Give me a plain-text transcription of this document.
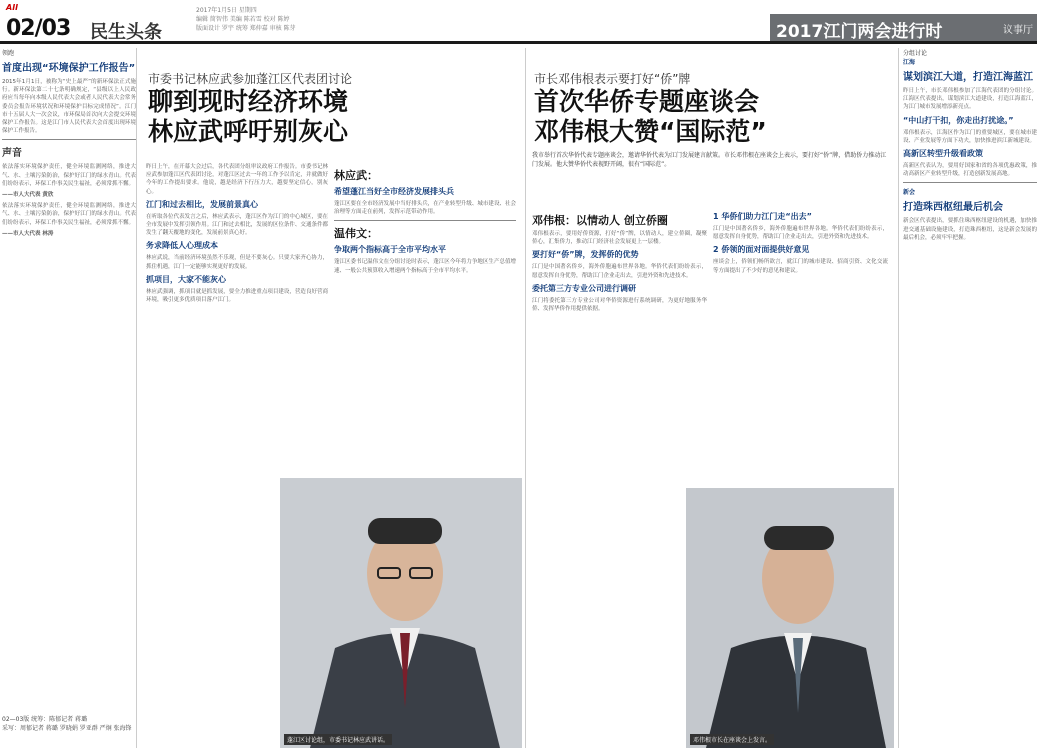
AII
02/03 民生头条
2017年1月5日 星期四
编辑 简智伟 美编 陈若雪 校对 陈婷
版面设计 罗宇 统筹 郑仲嘉 审核 陈芽	2017江门两会进行时	议事厅
领跑
首度出现“环境保护工作报告”
2015年1月1日，被称为“史上最严”的新环保法正式施行。新环保法第二十七条明确规定，“县级以上人民政府应当每年向本级人民代表大会或者人民代表大会常务委员会报告环境状况和环境保护目标完成情况”。江门市十五届人大一次会议，市环保局首次向大会提交环境保护工作报告。这是江门市人民代表大会首度出现环境保护工作报告。
声音
依法落实环境保护责任，健全环境监测网络，推进大气、水、土壤污染防治，保护好江门的绿水青山。代表们纷纷表示，环保工作事关民生福祉，必须常抓不懈。
——市人大代表 黄欣
依法落实环境保护责任，健全环境监测网络，推进大气、水、土壤污染防治，保护好江门的绿水青山。代表们纷纷表示，环保工作事关民生福祉，必须常抓不懈。
——市人大代表 林涛
02—03版 统筹：陈郁记者 蒋璐
采写：周郁记者 蒋璐 罗晓娟 罗亚群 严炯 张海锋
市委书记林应武参加蓬江区代表团讨论
聊到现时经济环境
林应武呼吁别灰心
昨日上午，在开幕大会过后，各代表团分组审议政府工作报告。市委书记林应武参加蓬江区代表团讨论，对蓬江区过去一年的工作予以肯定，并就做好今年的工作提出要求。他说，越是经济下行压力大，越要坚定信心，别灰心。
江门和过去相比，发展前景真心
在听取各位代表发言之后，林应武表示，蓬江区作为江门的中心城区，要在全市发展中发挥引领作用。江门和过去相比，发展的区位条件、交通条件都发生了翻天覆地的变化，发展前景真心好。
务求降低人心理成本
林应武说，当前经济环境虽然不乐观，但是不要灰心。只要大家齐心协力，抓住机遇，江门一定能够实现更好的发展。
抓项目，大家不能灰心
林应武强调，抓项目就是抓发展，要全力推进重点项目建设，营造良好营商环境，吸引更多优质项目落户江门。
林应武：
希望蓬江当好全市经济发展排头兵
蓬江区要在全市经济发展中当好排头兵，在产业转型升级、城市建设、社会治理等方面走在前列，发挥示范带动作用。
温伟文：
争取两个指标高于全市平均水平
蓬江区委书记温伟文在分组讨论时表示，蓬江区今年将力争地区生产总值增速、一般公共预算收入增速两个指标高于全市平均水平。
蓬江区讨论组，市委书记林应武讲话。
市长邓伟根表示要打好“侨”牌
首次华侨专题座谈会
邓伟根大赞“国际范”
我市举行首次华侨代表专题座谈会，邀请华侨代表为江门发展建言献策。市长邓伟根在座谈会上表示，要打好“侨”牌，借助侨力推动江门发展。他大赞华侨代表视野开阔，很有“国际范”。
邓伟根：以情动人 创立侨圈
邓伟根表示，要用好侨资源，打好“侨”牌，以情动人，建立侨圈，凝聚侨心，汇集侨力，推动江门经济社会发展更上一层楼。
要打好“侨”牌，发挥侨的优势
江门是中国著名侨乡，海外侨胞遍布世界各地。华侨代表们纷纷表示，愿意发挥自身优势，帮助江门企业走出去，引进外资和先进技术。
委托第三方专业公司进行调研
江门将委托第三方专业公司对华侨资源进行系统调研，为更好地服务华侨、发挥华侨作用提供依据。
1 华侨们助力江门走“出去”
江门是中国著名侨乡，海外侨胞遍布世界各地。华侨代表们纷纷表示，愿意发挥自身优势，帮助江门企业走出去，引进外资和先进技术。
2 侨领的面对面提供好意见
座谈会上，侨领们畅所欲言，就江门的城市建设、招商引资、文化交流等方面提出了不少好的意见和建议。
邓伟根市长在座谈会上发言。
分组讨论
江海
谋划滨江大道，打造江海蓝江
昨日上午，市长邓伟根参加了江海代表团的分组讨论。江海区代表提出，谋划滨江大道建设，打造江海蓝江，为江门城市发展增添新亮点。
“中山打干扣，你走出打扰途。”
邓伟根表示，江海区作为江门的重要城区，要在城市建设、产业发展等方面下功夫，加快推进滨江新城建设。
高新区转型升级看政策
高新区代表认为，要用好国家和省的各项优惠政策，推动高新区产业转型升级，打造创新发展高地。
新会
打造珠西枢纽最后机会
新会区代表提出，要抓住珠西枢纽建设的机遇，加快推进交通基础设施建设，打造珠西枢纽，这是新会发展的最后机会，必须牢牢把握。
